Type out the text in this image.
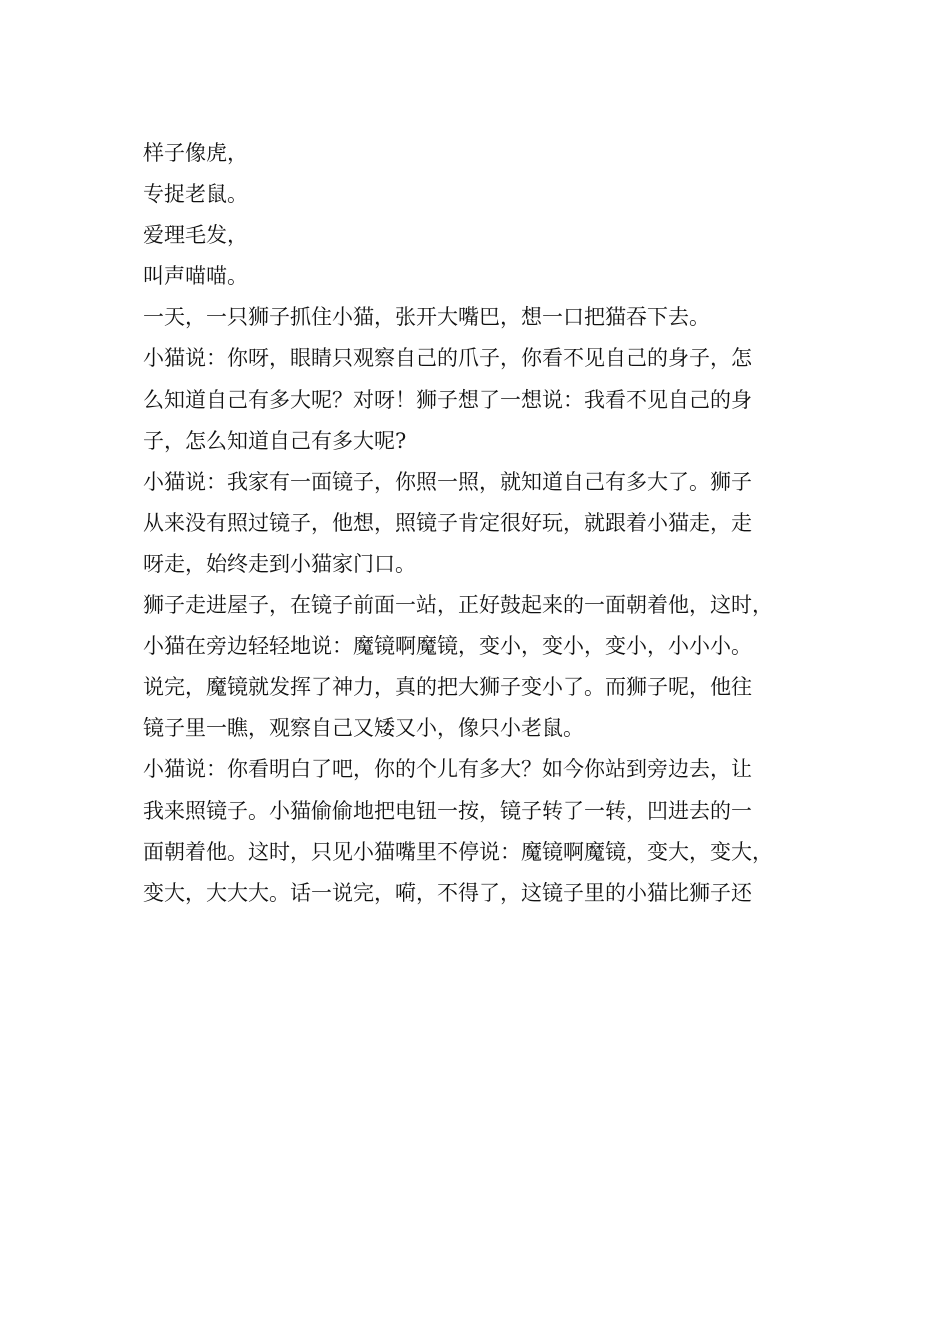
样子像虎，
专捉老鼠。
爱理毛发，
叫声喵喵。
一天，一只狮子抓住小猫，张开大嘴巴，想一口把猫吞下去。
小猫说：你呀，眼睛只观察自己的爪子，你看不见自己的身子，怎
么知道自己有多大呢？对呀！狮子想了一想说：我看不见自己的身
子，怎么知道自己有多大呢?
小猫说：我家有一面镜子，你照一照，就知道自己有多大了。狮子
从来没有照过镜子，他想，照镜子肯定很好玩，就跟着小猫走，走
呀走，始终走到小猫家门口。
狮子走进屋子，在镜子前面一站，正好鼓起来的一面朝着他，这时，
小猫在旁边轻轻地说：魔镜啊魔镜，变小，变小，变小，小小小。
说完，魔镜就发挥了神力，真的把大狮子变小了。而狮子呢，他往
镜子里一瞧，观察自己又矮又小，像只小老鼠。
小猫说：你看明白了吧，你的个儿有多大？如今你站到旁边去，让
我来照镜子。小猫偷偷地把电钮一按，镜子转了一转，凹进去的一
面朝着他。这时，只见小猫嘴里不停说：魔镜啊魔镜，变大，变大，
变大，大大大。话一说完，嗬，不得了，这镜子里的小猫比狮子还
